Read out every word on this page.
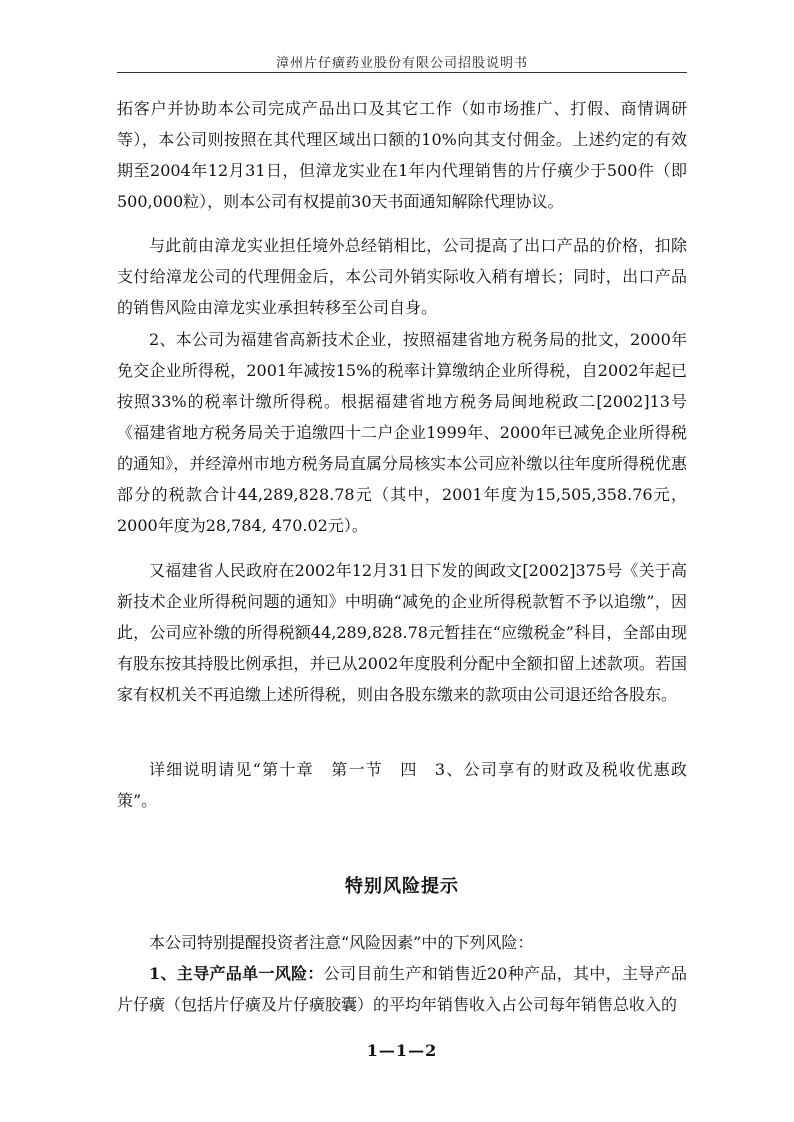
漳州片仔癀药业股份有限公司招股说明书

拓客户并协助本公司完成产品出口及其它工作（如市场推广、打假、商情调研等），本公司则按照在其代理区域出口额的10%向其支付佣金。上述约定的有效期至2004年12月31日，但漳龙实业在1年内代理销售的片仔癀少于500件（即500,000粒），则本公司有权提前30天书面通知解除代理协议。

与此前由漳龙实业担任境外总经销相比，公司提高了出口产品的价格，扣除支付给漳龙公司的代理佣金后，本公司外销实际收入稍有增长；同时，出口产品的销售风险由漳龙实业承担转移至公司自身。

2、本公司为福建省高新技术企业，按照福建省地方税务局的批文，2000年免交企业所得税，2001年减按15%的税率计算缴纳企业所得税，自2002年起已按照33%的税率计缴所得税。根据福建省地方税务局闽地税政二[2002]13号《福建省地方税务局关于追缴四十二户企业1999年、2000年已减免企业所得税的通知》，并经漳州市地方税务局直属分局核实本公司应补缴以往年度所得税优惠部分的税款合计44,289,828.78元（其中，2001年度为15,505,358.76元，2000年度为28,784, 470.02元）。

又福建省人民政府在2002年12月31日下发的闽政文[2002]375号《关于高新技术企业所得税问题的通知》中明确“减免的企业所得税款暂不予以追缴”，因此，公司应补缴的所得税额44,289,828.78元暂挂在“应缴税金”科目，全部由现有股东按其持股比例承担，并已从2002年度股利分配中全额扣留上述款项。若国家有权机关不再追缴上述所得税，则由各股东缴来的款项由公司退还给各股东。

详细说明请见“第十章　第一节　四　3、公司享有的财政及税收优惠政策”。

特别风险提示

本公司特别提醒投资者注意“风险因素”中的下列风险：

1、主导产品单一风险：公司目前生产和销售近20种产品，其中，主导产品片仔癀（包括片仔癀及片仔癀胶囊）的平均年销售收入占公司每年销售总收入的

1—1—2
